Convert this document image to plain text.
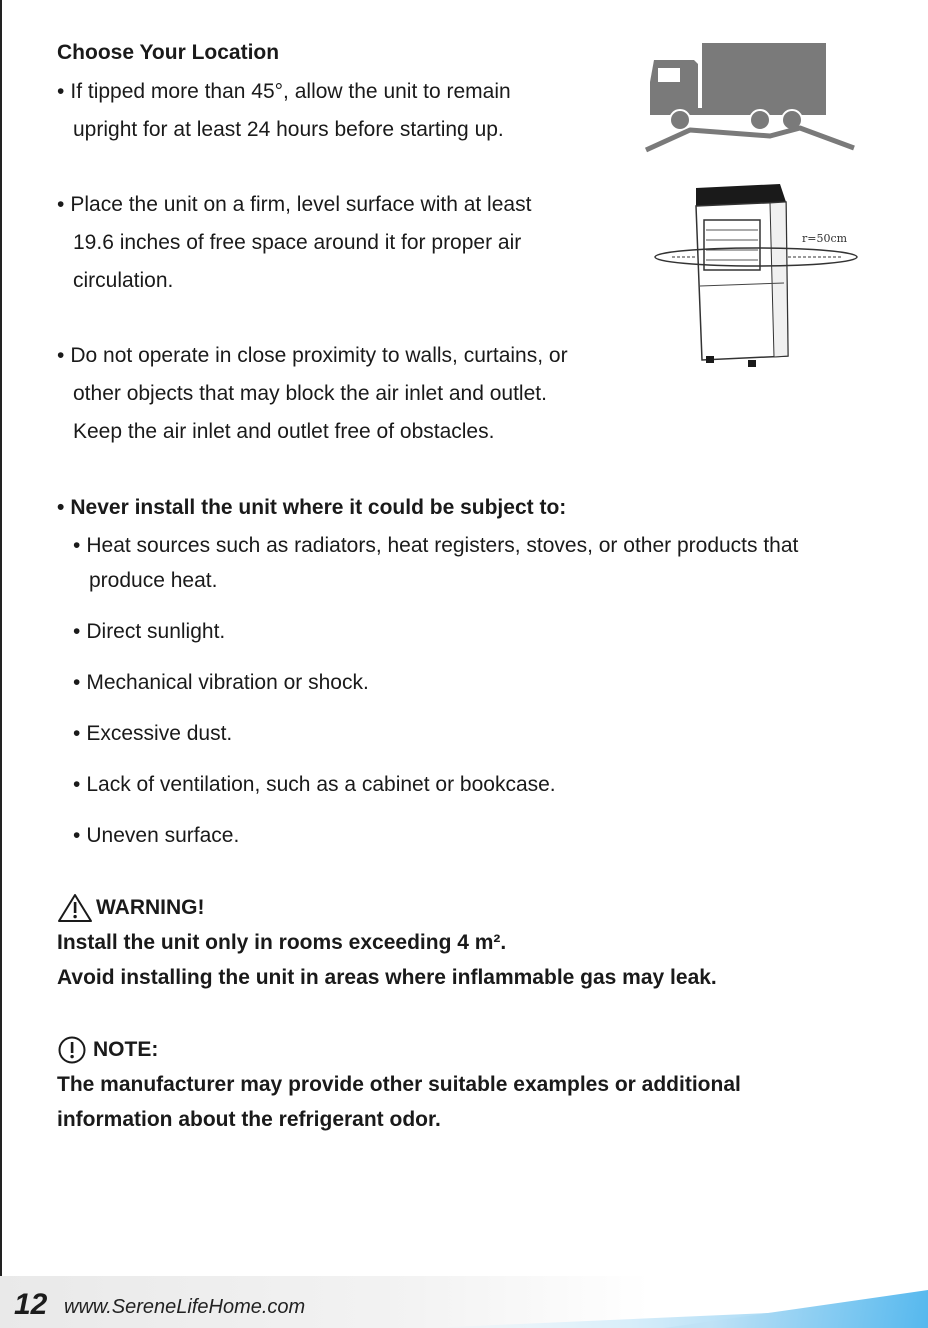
Choose Your Location
• If tipped more than 45°, allow the unit to remain
upright for at least 24 hours before starting up.
• Place the unit on a firm, level surface with at least
19.6 inches of free space around it for proper air
circulation.
• Do not operate in close proximity to walls, curtains, or
other objects that may block the air inlet and outlet.
Keep the air inlet and outlet free of obstacles.
• Never install the unit where it could be subject to:
• Heat sources such as radiators, heat registers, stoves, or other products that
produce heat.
• Direct sunlight.
• Mechanical vibration or shock.
• Excessive dust.
• Lack of ventilation, such as a cabinet or bookcase.
• Uneven surface.
WARNING!
Install the unit only in rooms exceeding 4 m².
Avoid installing the unit in areas where inflammable gas may leak.
NOTE:
The manufacturer may provide other suitable examples or additional
information about the refrigerant odor.
r=50cm
12 www.SereneLifeHome.com
